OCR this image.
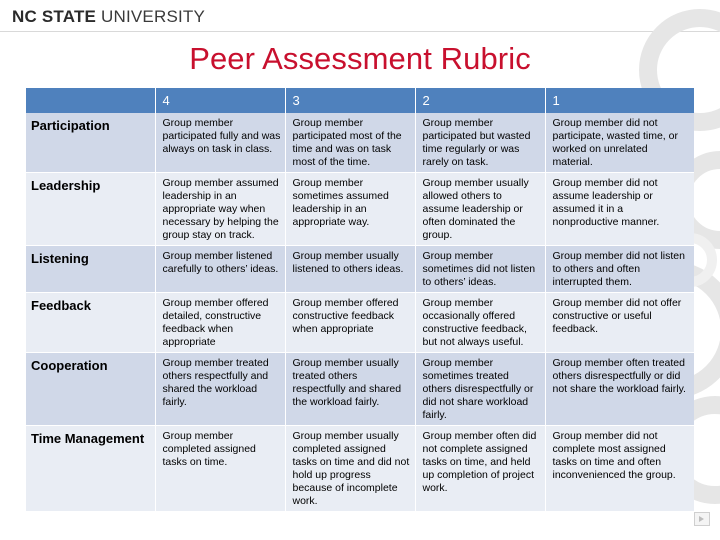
NC STATE UNIVERSITY
Peer Assessment Rubric
	4	3	2	1
Participation	Group member participated fully and was always on task in class.	Group member participated most of the time and was on task most of the time.	Group member participated but wasted time regularly or was rarely on task.	Group member did not participate, wasted time, or worked on unrelated material.
Leadership	Group member assumed leadership in an appropriate way when necessary by helping the group stay on track.	Group member sometimes assumed leadership in an appropriate way.	Group member usually allowed others to assume leadership or often dominated the group.	Group member did not assume leadership or assumed it in a nonproductive manner.
Listening	Group member listened carefully to others’ ideas.	Group member usually listened to others ideas.	Group member sometimes did not listen to others’ ideas.	Group member did not listen to others and often interrupted them.
Feedback	Group member offered detailed, constructive feedback when appropriate	Group member offered constructive feedback when appropriate	Group member occasionally offered constructive feedback, but not always useful.	Group member did not offer constructive or useful feedback.
Cooperation	Group member treated others respectfully and shared the workload fairly.	Group member usually treated others respectfully and shared the workload fairly.	Group member sometimes treated others disrespectfully or did not share workload fairly.	Group member often treated others disrespectfully or did not share the workload fairly.
Time Management	Group member completed assigned tasks on time.	Group member usually completed assigned tasks on time and did not hold up progress because of incomplete work.	Group member often did not complete assigned tasks on time, and held up completion of project work.	Group member did not complete most assigned tasks on time and often inconvenienced the group.
